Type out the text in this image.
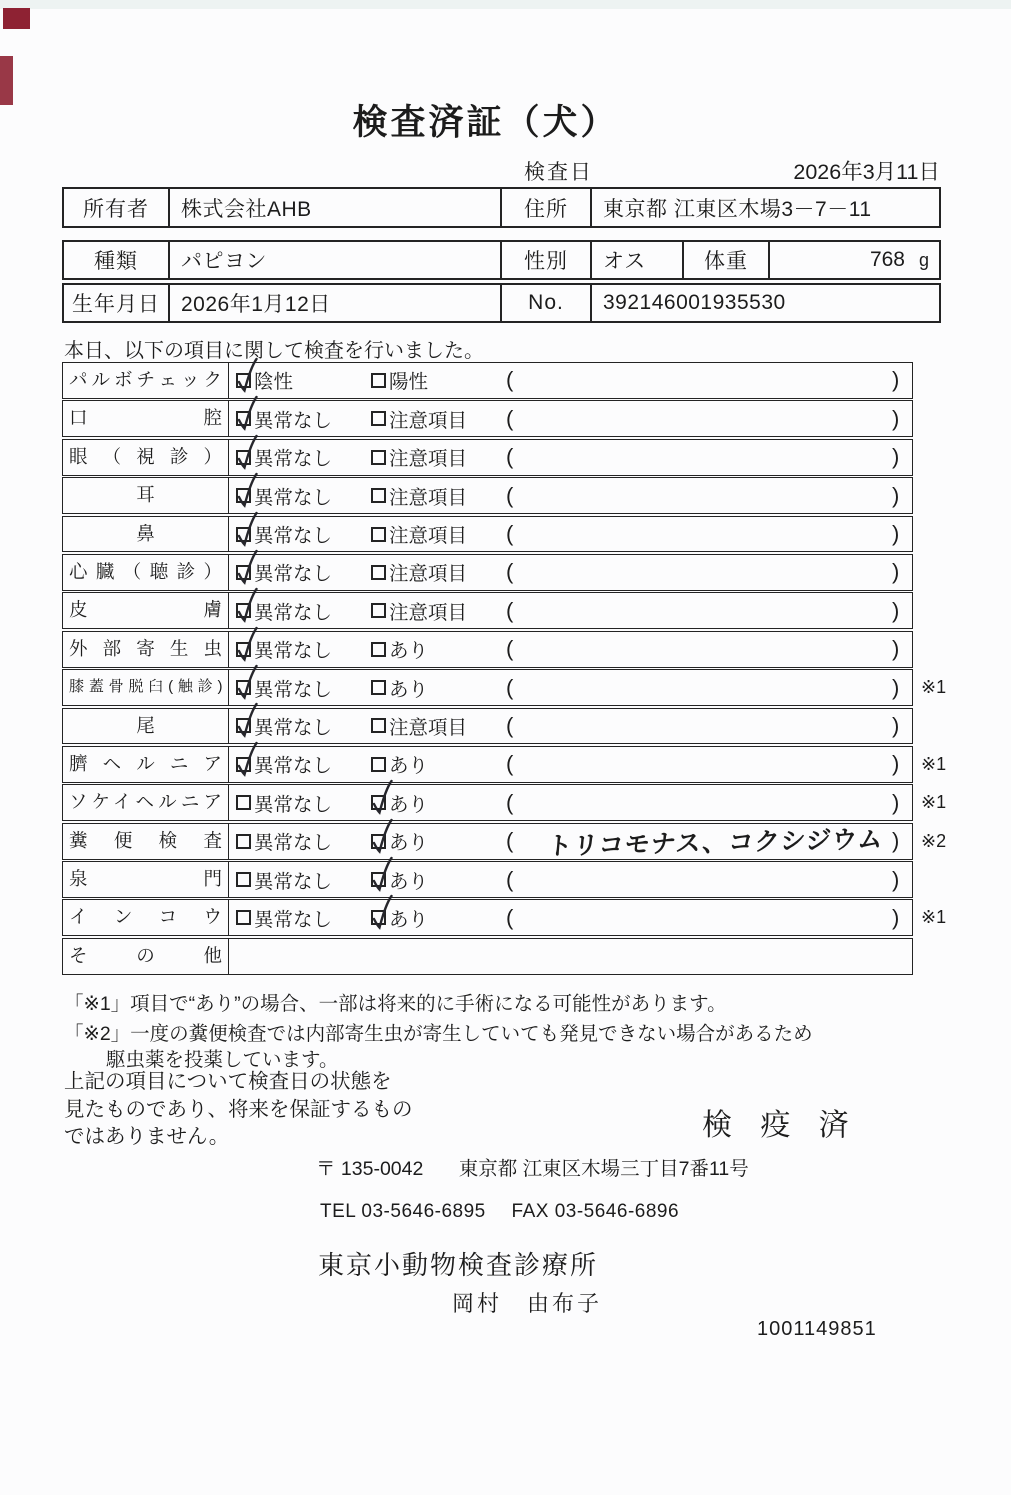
検査済証（犬）
検査日	2026年3月11日
所有者	株式会社AHB	住所	東京都 江東区木場3－7－11
種類	パピヨン	性別	オス	体重	768 g
生年月日	2026年1月12日	No.	392146001935530
本日、以下の項目に関して検査を行いました。
パルボチェック	陰性	陽性	(	)
口腔	異常なし	注意項目 (	)
眼（視診）	異常なし	注意項目 (	)
耳	異常なし	注意項目 (	)
鼻	異常なし	注意項目 (	)
心臓（聴診）	異常なし	注意項目 (	)
皮膚	異常なし	注意項目 (	)
外部寄生虫	異常なし	あり	(	)
膝蓋骨脱臼(触診)	異常なし	あり	(	) ※1
尾	異常なし	注意項目 (	)
臍ヘルニア	異常なし	あり	(	) ※1
ソケイヘルニア	異常なし	あり	(	) ※1
糞便検査	異常なし	あり	( トリコモナス、コクシジウム ) ※2
泉門	異常なし	あり	(	)
インコウ	異常なし	あり	(	) ※1
その他
「※1」項目で“あり”の場合、一部は将来的に手術になる可能性があります。
「※2」一度の糞便検査では内部寄生虫が寄生していても発見できない場合があるため
駆虫薬を投薬しています。
上記の項目について検査日の状態を
見たものであり、将来を保証するもの
ではありません。	検 疫 済
〒 135-0042 東京都 江東区木場三丁目7番11号
TEL 03-5646-6895 FAX 03-5646-6896
東京小動物検査診療所
岡村　由布子
1001149851
